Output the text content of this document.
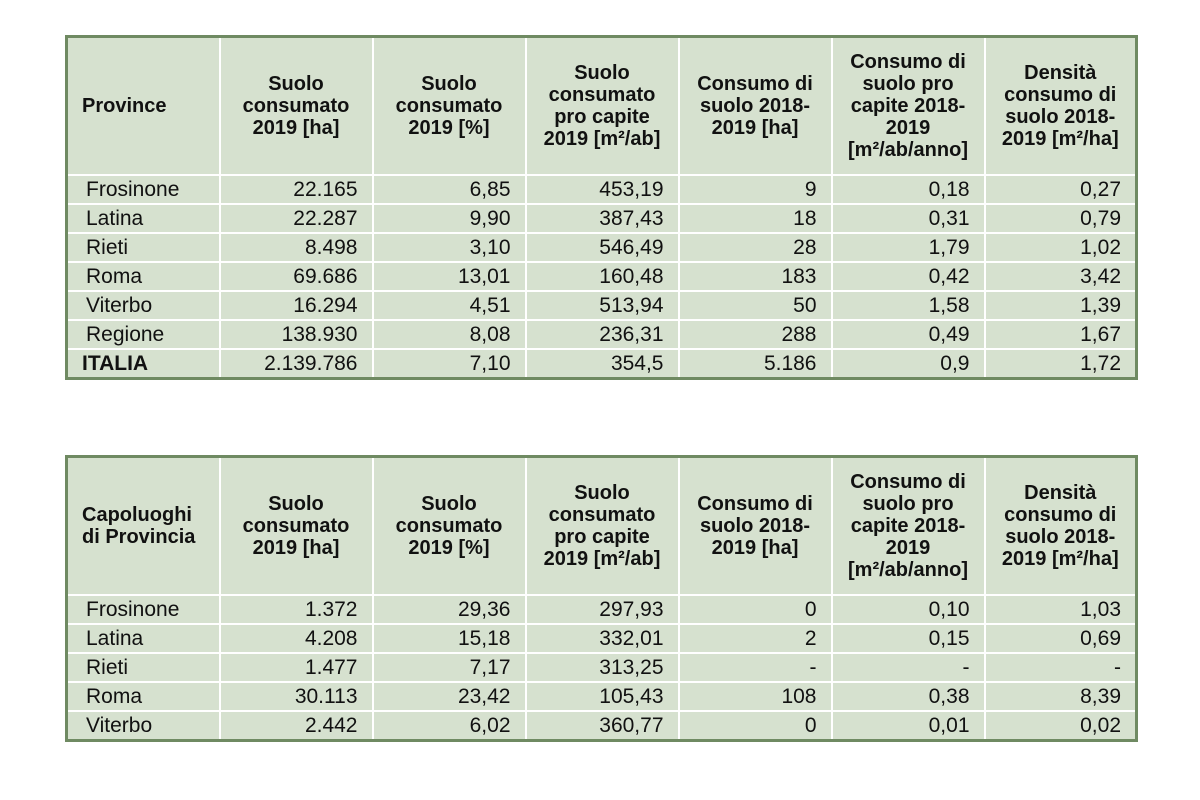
Province	Suolo consumato 2019 [ha]	Suolo consumato 2019 [%]	Suolo consumato pro capite 2019 [m²/ab]	Consumo di suolo 2018-2019 [ha]	Consumo di suolo pro capite 2018-2019 [m²/ab/anno]	Densità consumo di suolo 2018-2019 [m²/ha]
Frosinone	22.165	6,85	453,19	9	0,18	0,27
Latina	22.287	9,90	387,43	18	0,31	0,79
Rieti	8.498	3,10	546,49	28	1,79	1,02
Roma	69.686	13,01	160,48	183	0,42	3,42
Viterbo	16.294	4,51	513,94	50	1,58	1,39
Regione	138.930	8,08	236,31	288	0,49	1,67
ITALIA	2.139.786	7,10	354,5	5.186	0,9	1,72
Capoluoghi di Provincia	Suolo consumato 2019 [ha]	Suolo consumato 2019 [%]	Suolo consumato pro capite 2019 [m²/ab]	Consumo di suolo 2018-2019 [ha]	Consumo di suolo pro capite 2018-2019 [m²/ab/anno]	Densità consumo di suolo 2018-2019 [m²/ha]
Frosinone	1.372	29,36	297,93	0	0,10	1,03
Latina	4.208	15,18	332,01	2	0,15	0,69
Rieti	1.477	7,17	313,25	-	-	-
Roma	30.113	23,42	105,43	108	0,38	8,39
Viterbo	2.442	6,02	360,77	0	0,01	0,02
